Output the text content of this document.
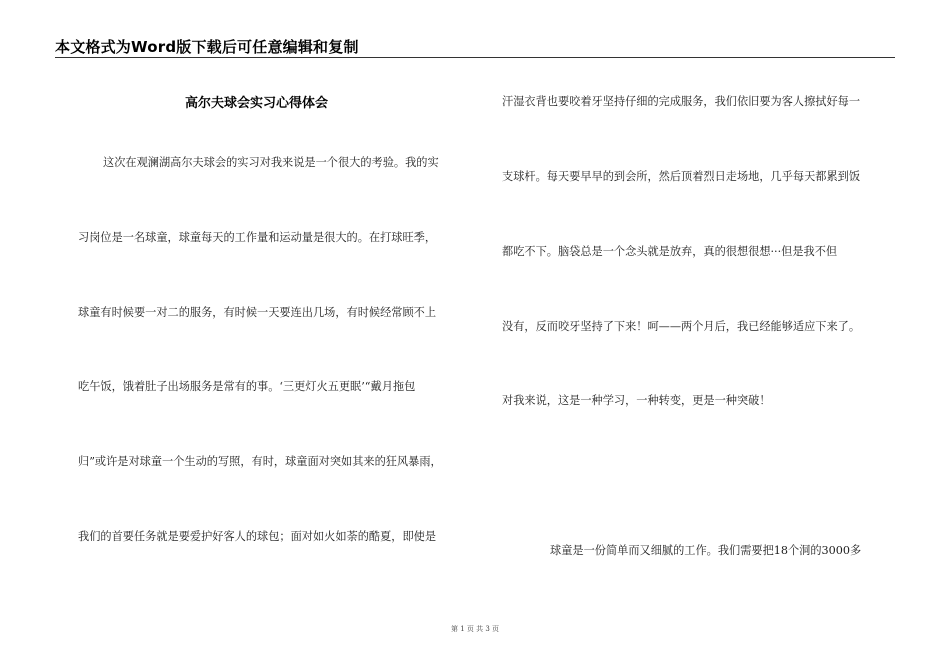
本文格式为Word版下载后可任意编辑和复制
高尔夫球会实习心得体会
这次在观澜湖高尔夫球会的实习对我来说是一个很大的考验。我的实
习岗位是一名球童，球童每天的工作量和运动量是很大的。在打球旺季，
球童有时候要一对二的服务，有时候一天要连出几场，有时候经常顾不上
吃午饭，饿着肚子出场服务是常有的事。‘三更灯火五更眠’“戴月拖包
归”或许是对球童一个生动的写照，有时，球童面对突如其来的狂风暴雨，
我们的首要任务就是要爱护好客人的球包；面对如火如荼的酷夏，即使是
汗湿衣背也要咬着牙坚持仔细的完成服务，我们依旧要为客人擦拭好每一
支球杆。每天要早早的到会所，然后顶着烈日走场地，几乎每天都累到饭
都吃不下。脑袋总是一个念头就是放弃，真的很想很想···但是我不但
没有，反而咬牙坚持了下来！呵——两个月后，我已经能够适应下来了。
对我来说，这是一种学习，一种转变，更是一种突破！
球童是一份简单而又细腻的工作。我们需要把18个洞的3000多
第 1 页 共 3 页
